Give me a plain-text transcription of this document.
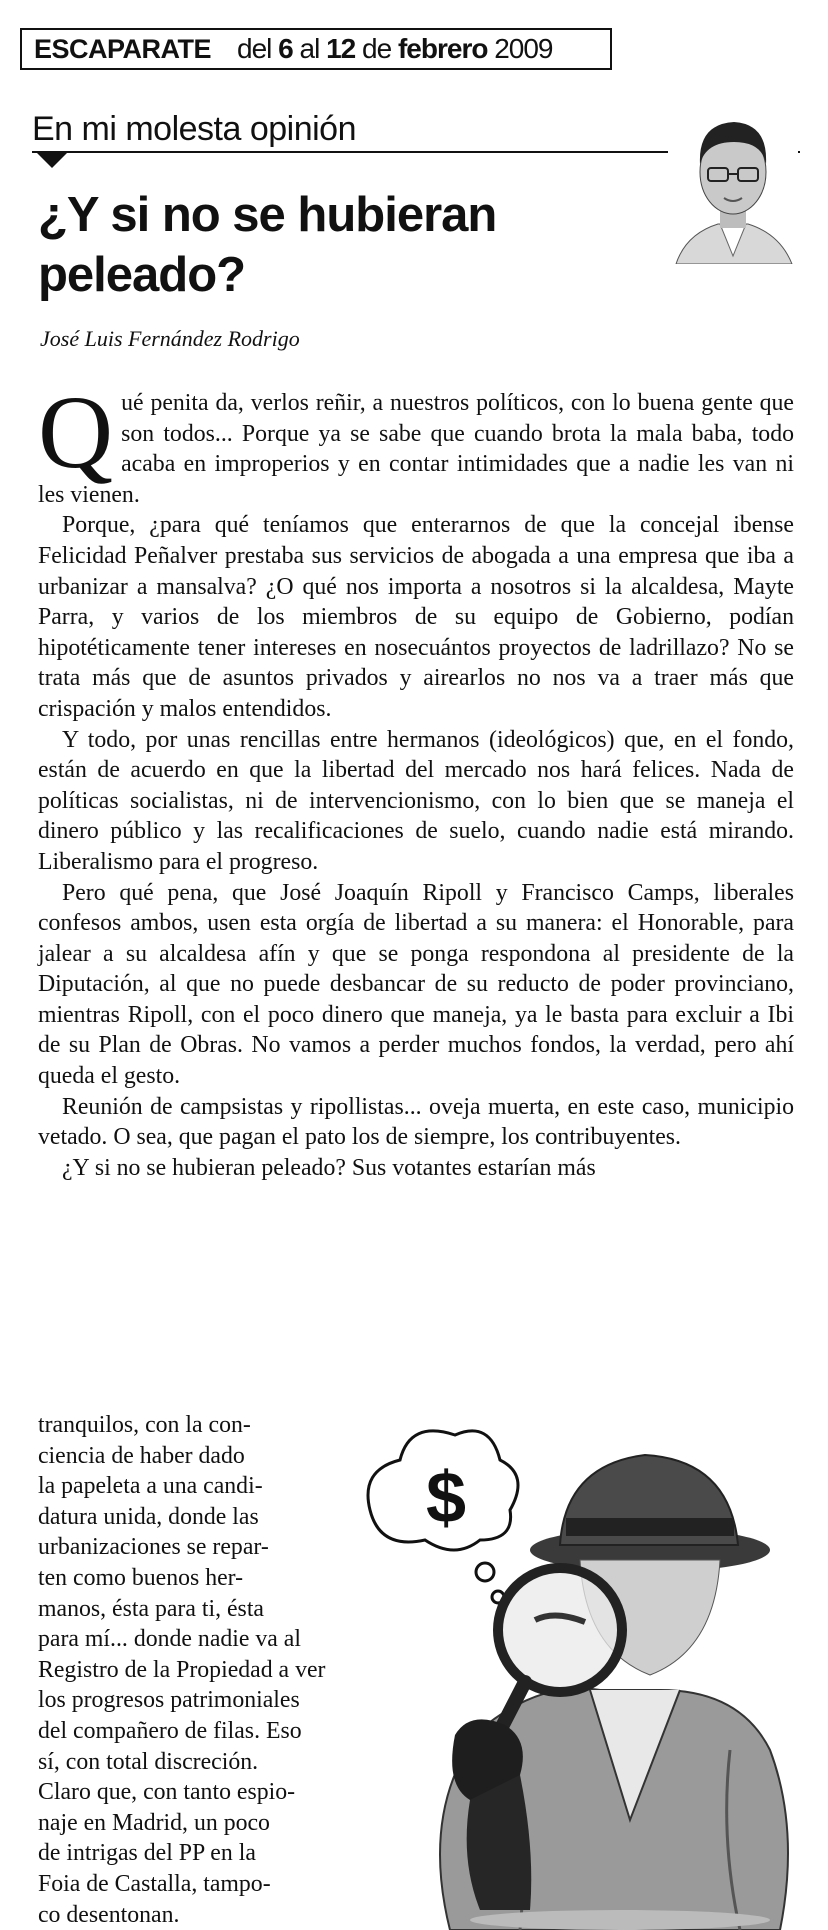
ESCAPARATE del 6 al 12 de febrero 2009
En mi molesta opinión
¿Y si no se hubieran peleado?
José Luis Fernández Rodrigo

Q ué penita da, verlos reñir, a nuestros políticos, con lo buena gente que son todos... Porque ya se sabe que cuando brota la mala baba, todo acaba en improperios y en contar intimidades que a nadie les van ni les vienen.

Porque, ¿para qué teníamos que enterarnos de que la concejal ibense Felicidad Peñalver prestaba sus servicios de abogada a una empresa que iba a urbanizar a mansalva? ¿O qué nos importa a nosotros si la alcaldesa, Mayte Parra, y varios de los miembros de su equipo de Gobierno, podían hipotéticamente tener intereses en nosecuántos proyectos de ladrillazo? No se trata más que de asuntos privados y airearlos no nos va a traer más que crispación y malos entendidos.

Y todo, por unas rencillas entre hermanos (ideológicos) que, en el fondo, están de acuerdo en que la libertad del mercado nos hará felices. Nada de políticas socialistas, ni de intervencionismo, con lo bien que se maneja el dinero público y las recalificaciones de suelo, cuando nadie está mirando. Liberalismo para el progreso.

Pero qué pena, que José Joaquín Ripoll y Francisco Camps, liberales confesos ambos, usen esta orgía de libertad a su manera: el Honorable, para jalear a su alcaldesa afín y que se ponga respondona al presidente de la Diputación, al que no puede desbancar de su reducto de poder provinciano, mientras Ripoll, con el poco dinero que maneja, ya le basta para excluir a Ibi de su Plan de Obras. No vamos a perder muchos fondos, la verdad, pero ahí queda el gesto.

Reunión de campsistas y ripollistas... oveja muerta, en este caso, municipio vetado. O sea, que pagan el pato los de siempre, los contribuyentes.

¿Y si no se hubieran peleado? Sus votantes estarían más

tranquilos, con la con-
ciencia de haber dado
la papeleta a una candi-
datura unida, donde las
urbanizaciones se repar-
ten como buenos her-
manos, ésta para ti, ésta
para mí... donde nadie va al
Registro de la Propiedad a ver
los progresos patrimoniales
del compañero de filas. Eso
sí, con total discreción.
Claro que, con tanto espio-
naje en Madrid, un poco
de intrigas del PP en la
Foia de Castalla, tampo-
co desentonan.
$
